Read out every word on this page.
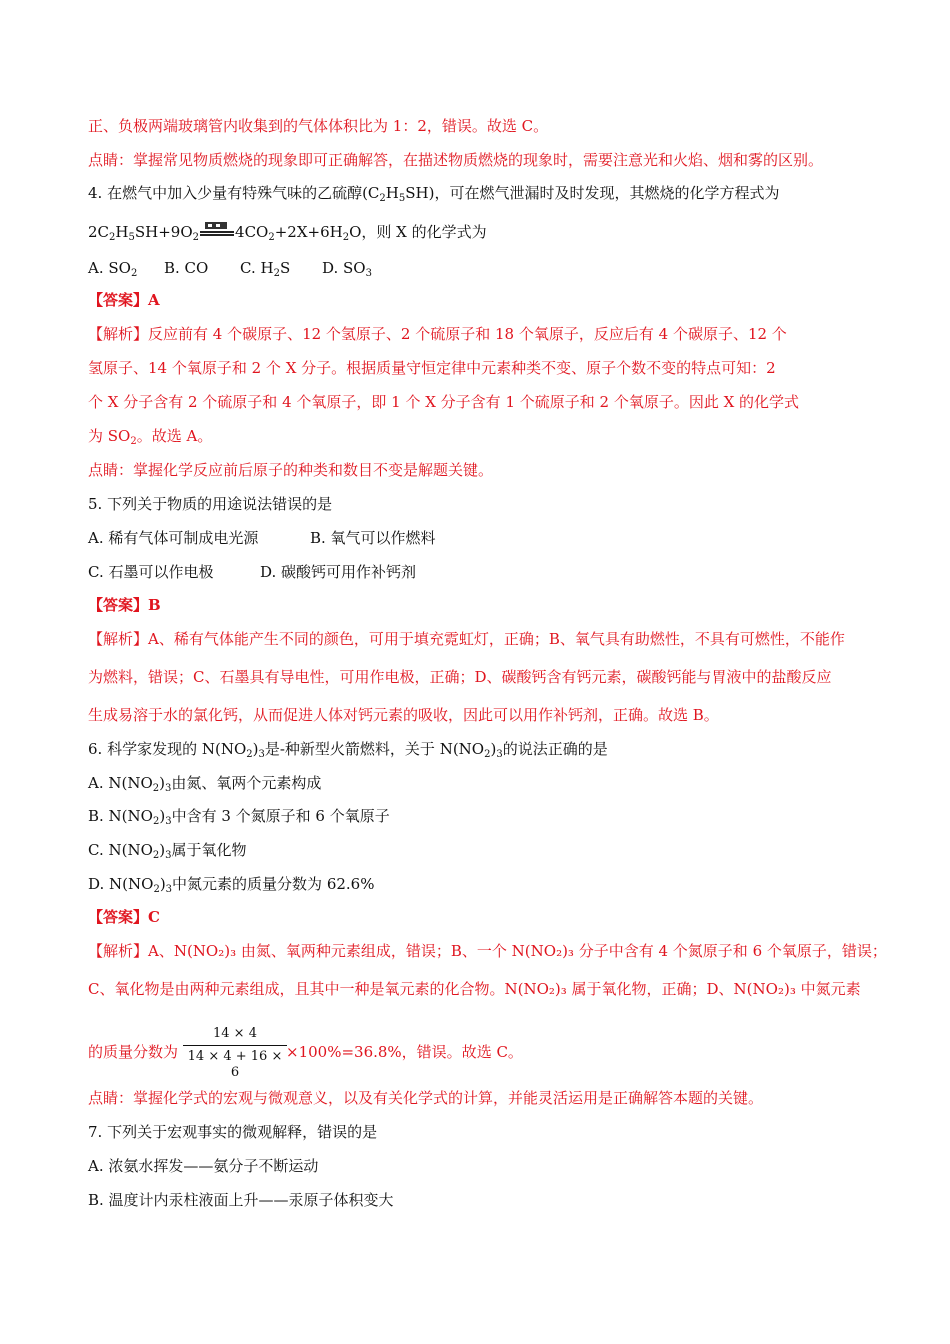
正、负极两端玻璃管内收集到的气体体积比为 1：2，错误。故选 C。
点睛：掌握常见物质燃烧的现象即可正确解答，在描述物质燃烧的现象时，需要注意光和火焰、烟和雾的区别。
4. 在燃气中加入少量有特殊气味的乙硫醇$(C_2H_5SH)$，可在燃气泄漏时及时发现，其燃烧的化学方程式为
$2C_2H_5SH+9O_2$ $4CO_2+2X+6H_2O$，则 X 的化学式为
A. $SO_2$ B. CO C. $H_2S$ D. $SO_3$
【答案】A
【解析】反应前有 4 个碳原子、12 个氢原子、2 个硫原子和 18 个氧原子，反应后有 4 个碳原子、12 个
氢原子、14 个氧原子和 2 个 X 分子。根据质量守恒定律中元素种类不变、原子个数不变的特点可知：2
个 X 分子含有 2 个硫原子和 4 个氧原子，即 1 个 X 分子含有 1 个硫原子和 2 个氧原子。因此 X 的化学式
为 $SO_2$。故选 A。
点睛：掌握化学反应前后原子的种类和数目不变是解题关键。
5. 下列关于物质的用途说法错误的是
A. 稀有气体可制成电光源	B. 氧气可以作燃料
C. 石墨可以作电极	D. 碳酸钙可用作补钙剂
【答案】B
【解析】A、稀有气体能产生不同的颜色，可用于填充霓虹灯，正确；B、氧气具有助燃性，不具有可燃性，不能作
为燃料，错误；C、石墨具有导电性，可用作电极，正确；D、碳酸钙含有钙元素，碳酸钙能与胃液中的盐酸反应
生成易溶于水的氯化钙，从而促进人体对钙元素的吸收，因此可以用作补钙剂，正确。故选 B。
6. 科学家发现的 $N(NO_2)_3$是-种新型火箭燃料，关于 $N(NO_2)_3$的说法正确的是
A. $N(NO_2)_3$由氮、氧两个元素构成
B. $N(NO_2)_3$中含有 3 个氮原子和 6 个氧原子
C. $N(NO_2)_3$属于氧化物
D. $N(NO_2)_3$中氮元素的质量分数为 62.6%
【答案】C
【解析】A、N(NO₂)₃ 由氮、氧两种元素组成，错误；B、一个 N(NO₂)₃ 分子中含有 4 个氮原子和 6 个氧原子，错误；
C、氧化物是由两种元素组成，且其中一种是氧元素的化合物。N(NO₂)₃ 属于氧化物，正确；D、N(NO₂)₃ 中氮元素
的质量分数为	×100%=36.8%，错误。故选 C。
14 × 4
14 × 4 + 16 × 6
点睛：掌握化学式的宏观与微观意义，以及有关化学式的计算，并能灵活运用是正确解答本题的关键。
7. 下列关于宏观事实的微观解释，错误的是
A. 浓氨水挥发——氨分子不断运动
B. 温度计内汞柱液面上升——汞原子体积变大
